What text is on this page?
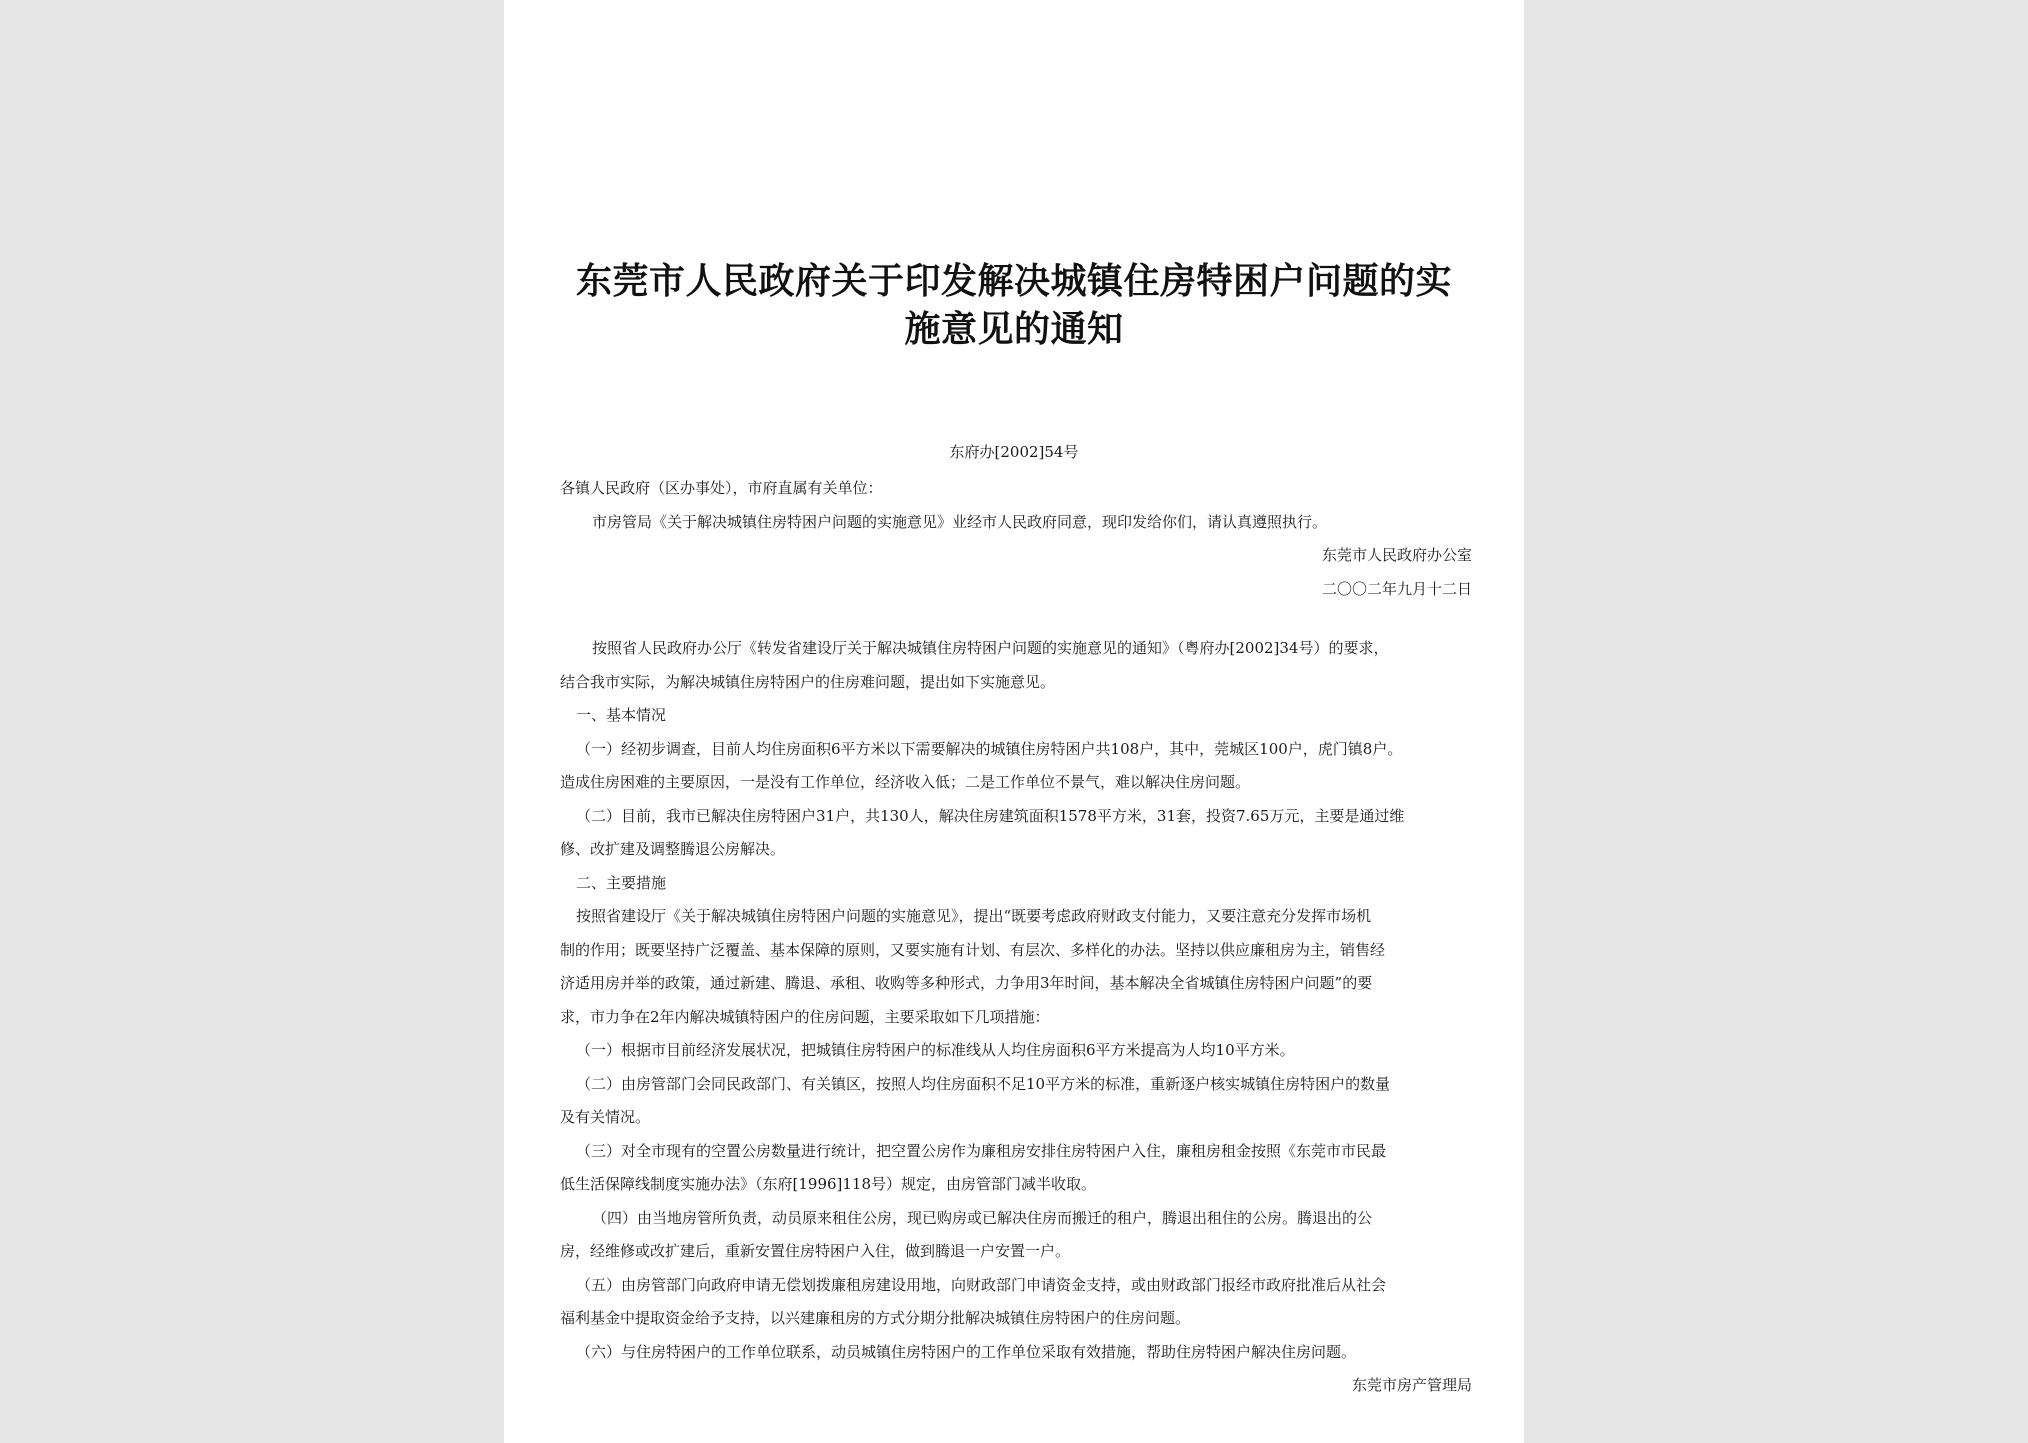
东莞市人民政府关于印发解决城镇住房特困户问题的实
施意见的通知
东府办[2002]54号
各镇人民政府（区办事处），市府直属有关单位：
市房管局《关于解决城镇住房特困户问题的实施意见》业经市人民政府同意，现印发给你们，请认真遵照执行。
东莞市人民政府办公室
二〇〇二年九月十二日
按照省人民政府办公厅《转发省建设厅关于解决城镇住房特困户问题的实施意见的通知》（粤府办[2002]34号）的要求，
结合我市实际，为解决城镇住房特困户的住房难问题，提出如下实施意见。
一、基本情况
（一）经初步调查，目前人均住房面积6平方米以下需要解决的城镇住房特困户共108户，其中，莞城区100户，虎门镇8户。
造成住房困难的主要原因，一是没有工作单位，经济收入低；二是工作单位不景气，难以解决住房问题。
（二）目前，我市已解决住房特困户31户，共130人，解决住房建筑面积1578平方米，31套，投资7.65万元，主要是通过维
修、改扩建及调整腾退公房解决。
二、主要措施
按照省建设厅《关于解决城镇住房特困户问题的实施意见》，提出“既要考虑政府财政支付能力，又要注意充分发挥市场机
制的作用；既要坚持广泛覆盖、基本保障的原则，又要实施有计划、有层次、多样化的办法。坚持以供应廉租房为主，销售经
济适用房并举的政策，通过新建、腾退、承租、收购等多种形式，力争用3年时间，基本解决全省城镇住房特困户问题”的要
求，市力争在2年内解决城镇特困户的住房问题，主要采取如下几项措施：
（一）根据市目前经济发展状况，把城镇住房特困户的标准线从人均住房面积6平方米提高为人均10平方米。
（二）由房管部门会同民政部门、有关镇区，按照人均住房面积不足10平方米的标准，重新逐户核实城镇住房特困户的数量
及有关情况。
（三）对全市现有的空置公房数量进行统计，把空置公房作为廉租房安排住房特困户入住，廉租房租金按照《东莞市市民最
低生活保障线制度实施办法》（东府[1996]118号）规定，由房管部门减半收取。
（四）由当地房管所负责，动员原来租住公房，现已购房或已解决住房而搬迁的租户，腾退出租住的公房。腾退出的公
房，经维修或改扩建后，重新安置住房特困户入住，做到腾退一户安置一户。
（五）由房管部门向政府申请无偿划拨廉租房建设用地，向财政部门申请资金支持，或由财政部门报经市政府批准后从社会
福利基金中提取资金给予支持，以兴建廉租房的方式分期分批解决城镇住房特困户的住房问题。
（六）与住房特困户的工作单位联系，动员城镇住房特困户的工作单位采取有效措施，帮助住房特困户解决住房问题。
东莞市房产管理局
